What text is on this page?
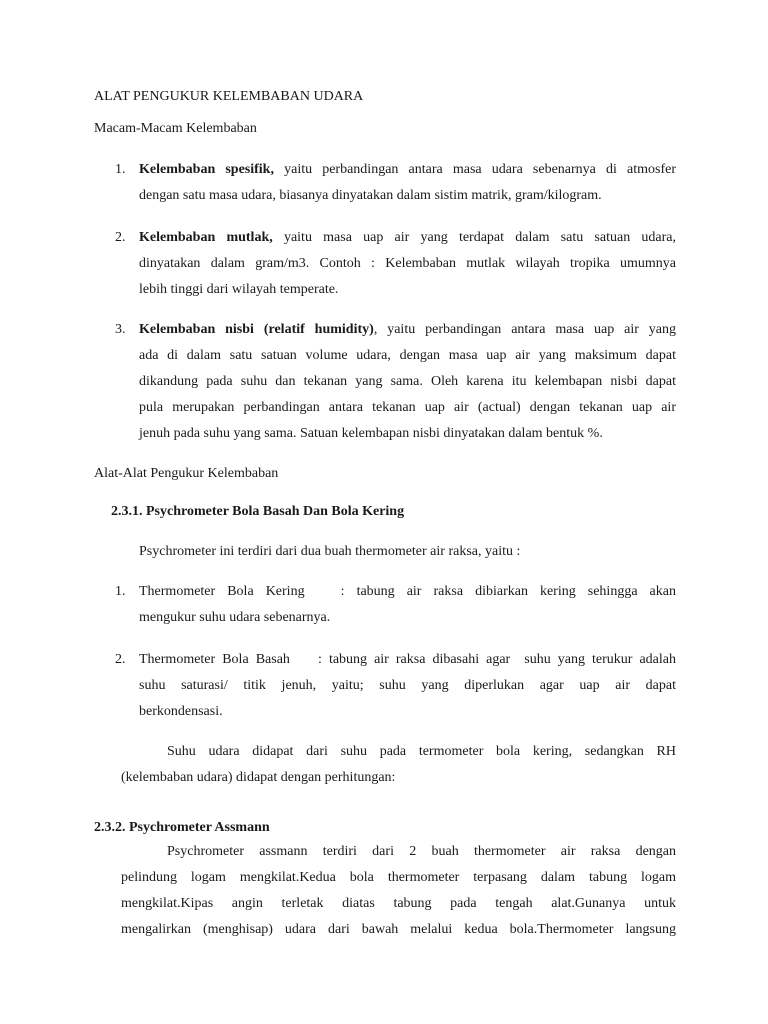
ALAT PENGUKUR KELEMBABAN UDARA

Macam-Macam Kelembaban

1. Kelembaban spesifik, yaitu perbandingan antara masa udara sebenarnya di atmosfer

dengan satu masa udara, biasanya dinyatakan dalam sistim matrik, gram/kilogram.

2. Kelembaban mutlak, yaitu masa uap air yang terdapat dalam satu satuan udara,

dinyatakan dalam gram/m3. Contoh : Kelembaban mutlak wilayah tropika umumnya

lebih tinggi dari wilayah temperate.

3. Kelembaban nisbi (relatif humidity), yaitu perbandingan antara masa uap air yang

ada di dalam satu satuan volume udara, dengan masa uap air yang maksimum dapat

dikandung pada suhu dan tekanan yang sama. Oleh karena itu kelembapan nisbi dapat

pula merupakan perbandingan antara tekanan uap air (actual) dengan tekanan uap air

jenuh pada suhu yang sama. Satuan kelembapan nisbi dinyatakan dalam bentuk %.

Alat-Alat Pengukur Kelembaban

2.3.1. Psychrometer Bola Basah Dan Bola Kering

Psychrometer ini terdiri dari dua buah thermometer air raksa, yaitu :

1. Thermometer Bola Kering   : tabung air raksa dibiarkan kering sehingga akan

mengukur suhu udara sebenarnya.

2. Thermometer Bola Basah    : tabung air raksa dibasahi agar  suhu yang terukur adalah

suhu saturasi/ titik jenuh, yaitu; suhu yang diperlukan agar uap air dapat

berkondensasi.

Suhu udara didapat dari suhu pada termometer bola kering, sedangkan RH

(kelembaban udara) didapat dengan perhitungan:

2.3.2. Psychrometer Assmann

Psychrometer assmann terdiri dari 2 buah thermometer air raksa dengan

pelindung logam mengkilat.Kedua bola thermometer terpasang dalam tabung logam

mengkilat.Kipas angin terletak diatas tabung pada tengah alat.Gunanya untuk

mengalirkan (menghisap) udara dari bawah melalui kedua bola.Thermometer langsung
